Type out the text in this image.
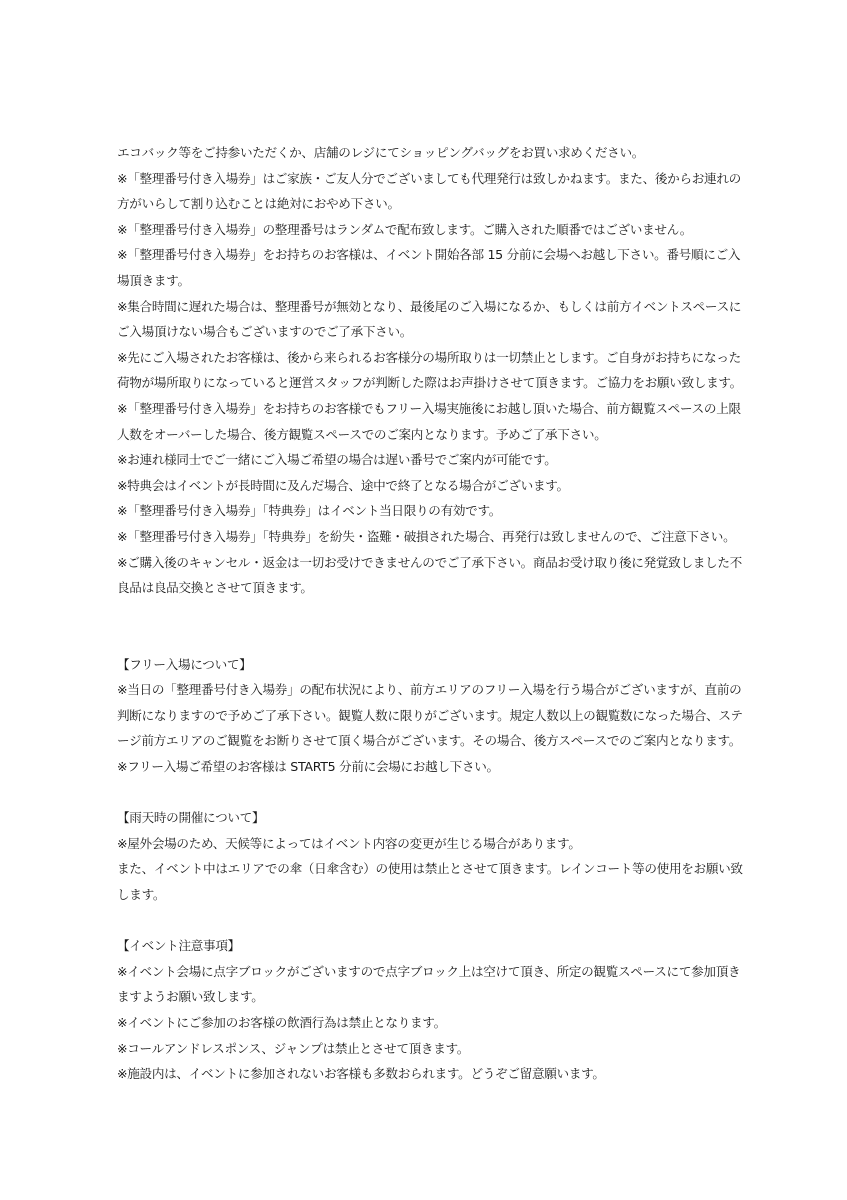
エコバック等をご持参いただくか、店舗のレジにてショッピングバッグをお買い求めください。

※「整理番号付き入場券」はご家族・ご友人分でございましても代理発行は致しかねます。また、後からお連れの方がいらして割り込むことは絶対におやめ下さい。

※「整理番号付き入場券」の整理番号はランダムで配布致します。ご購入された順番ではございません。

※「整理番号付き入場券」をお持ちのお客様は、イベント開始各部 15 分前に会場へお越し下さい。番号順にご入場頂きます。

※集合時間に遅れた場合は、整理番号が無効となり、最後尾のご入場になるか、もしくは前方イベントスペースにご入場頂けない場合もございますのでご了承下さい。

※先にご入場されたお客様は、後から来られるお客様分の場所取りは一切禁止とします。ご自身がお持ちになった荷物が場所取りになっていると運営スタッフが判断した際はお声掛けさせて頂きます。ご協力をお願い致します。

※「整理番号付き入場券」をお持ちのお客様でもフリー入場実施後にお越し頂いた場合、前方観覧スペースの上限人数をオーバーした場合、後方観覧スペースでのご案内となります。予めご了承下さい。

※お連れ様同士でご一緒にご入場ご希望の場合は遅い番号でご案内が可能です。

※特典会はイベントが長時間に及んだ場合、途中で終了となる場合がございます。

※「整理番号付き入場券」「特典券」はイベント当日限りの有効です。

※「整理番号付き入場券」「特典券」を紛失・盗難・破損された場合、再発行は致しませんので、ご注意下さい。

※ご購入後のキャンセル・返金は一切お受けできませんのでご了承下さい。商品お受け取り後に発覚致しました不良品は良品交換とさせて頂きます。

【フリー入場について】

※当日の「整理番号付き入場券」の配布状況により、前方エリアのフリー入場を行う場合がございますが、直前の判断になりますので予めご了承下さい。観覧人数に限りがございます。規定人数以上の観覧数になった場合、ステージ前方エリアのご観覧をお断りさせて頂く場合がございます。その場合、後方スペースでのご案内となります。

※フリー入場ご希望のお客様は START5 分前に会場にお越し下さい。

【雨天時の開催について】

※屋外会場のため、天候等によってはイベント内容の変更が生じる場合があります。

また、イベント中はエリアでの傘（日傘含む）の使用は禁止とさせて頂きます。レインコート等の使用をお願い致します。

【イベント注意事項】

※イベント会場に点字ブロックがございますので点字ブロック上は空けて頂き、所定の観覧スペースにて参加頂きますようお願い致します。

※イベントにご参加のお客様の飲酒行為は禁止となります。

※コールアンドレスポンス、ジャンプは禁止とさせて頂きます。

※施設内は、イベントに参加されないお客様も多数おられます。どうぞご留意願います。
